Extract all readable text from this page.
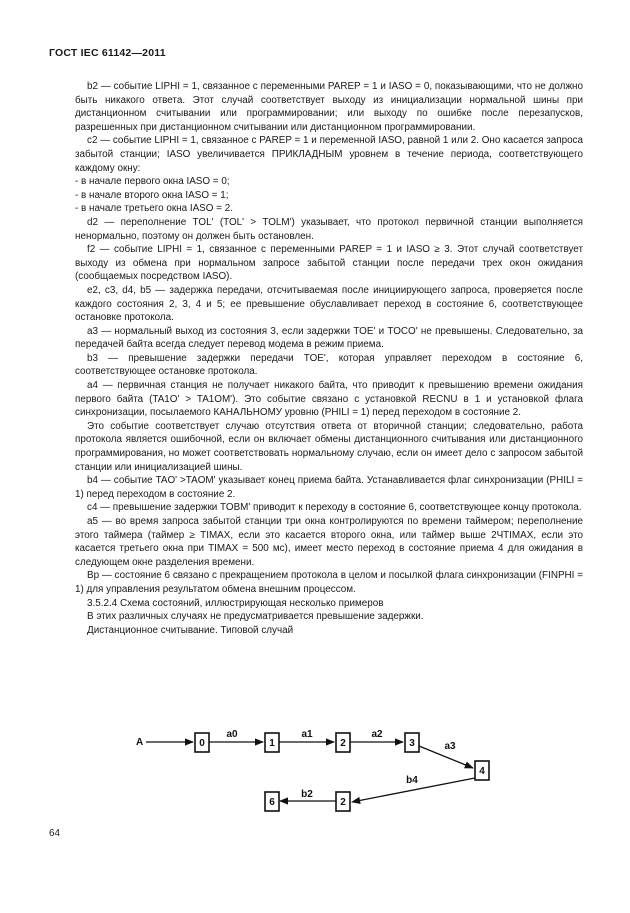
ГОСТ IEC 61142—2011

b2 — событие LIPHI = 1, связанное с переменными PAREP = 1 и IASO = 0, показывающими, что не должно быть никакого ответа. Этот случай соответствует выходу из инициализации нормальной шины при дистанционном считывании или программировании; или выходу по ошибке после перезапусков, разрешенных при дистанционном считывании или дистанционном программировании.

c2 — событие LIPHI = 1, связанное с PAREP = 1 и переменной IASO, равной 1 или 2. Оно касается запроса забытой станции; IASO увеличивается ПРИКЛАДНЫМ уровнем в течение периода, соответствующего каждому окну:

- в начале первого окна IASO = 0;

- в начале второго окна IASO = 1;

- в начале третьего окна IASO = 2.

d2 — переполнение TOL' (TOL' > TOLM') указывает, что протокол первичной станции выполняется ненормально, поэтому он должен быть остановлен.

f2 — событие LIPHI = 1, связанное с переменными PAREP = 1 и IASO ≥ 3. Этот случай соответствует выходу из обмена при нормальном запросе забытой станции после передачи трех окон ожидания (сообщаемых посредством IASO).

e2, c3, d4, b5 — задержка передачи, отсчитываемая после инициирующего запроса, проверяется после каждого состояния 2, 3, 4 и 5; ее превышение обуславливает переход в состояние 6, соответствующее остановке протокола.

a3 — нормальный выход из состояния 3, если задержки TOE' и TOCO' не превышены. Следовательно, за передачей байта всегда следует перевод модема в режим приема.

b3 — превышение задержки передачи TOE', которая управляет переходом в состояние 6, соответствующее остановке протокола.

a4 — первичная станция не получает никакого байта, что приводит к превышению времени ожидания первого байта (TA1O' > TA1OM'). Это событие связано с установкой RECNU в 1 и установкой флага синхронизации, посылаемого КАНАЛЬНОМУ уровню (PHILI = 1) перед переходом в состояние 2.

Это событие соответствует случаю отсутствия ответа от вторичной станции; следовательно, работа протокола является ошибочной, если он включает обмены дистанционного считывания или дистанционного программирования, но может соответствовать нормальному случаю, если он имеет дело с запросом забытой станции или инициализацией шины.

b4 — событие TAO' >TAOM' указывает конец приема байта. Устанавливается флаг синхронизации (PHILI = 1) перед переходом в состояние 2.

c4 — превышение задержки TOBM' приводит к переходу в состояние 6, соответствующее концу протокола.

a5 — во время запроса забытой станции три окна контролируются по времени таймером; переполнение этого таймера (таймер ≥ TIMAX, если это касается второго окна, или таймер выше 2ЧTIMAX, если это касается третьего окна при TIMAX = 500 мс), имеет место переход в состояние приема 4 для ожидания в следующем окне разделения времени.

Bp — состояние 6 связано с прекращением протокола в целом и посылкой флага синхронизации (FINPHI = 1) для управления результатом обмена внешним процессом.

3.5.2.4 Схема состояний, иллюстрирующая несколько примеров

В этих различных случаях не предусматривается превышение задержки.

Дистанционное считывание. Типовой случай

A	0
a0
1
a1
2
a2
3	a3
4
b4
2
b2
6
64
